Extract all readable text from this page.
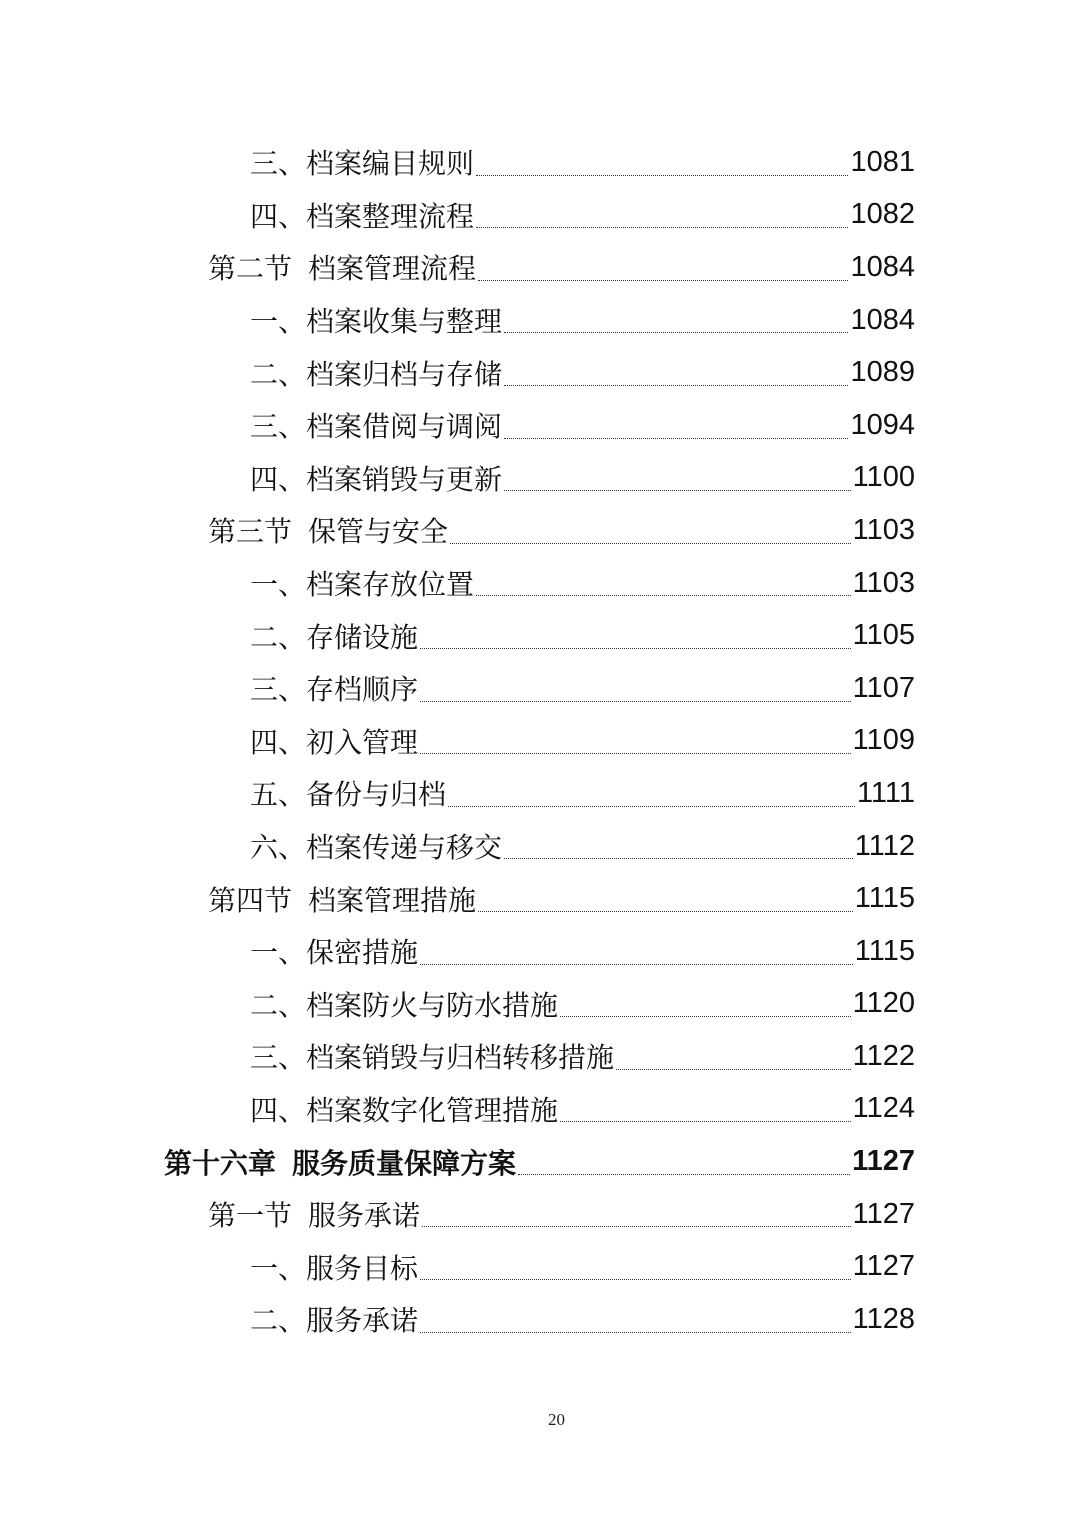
三、档案编目规则	1081
四、档案整理流程	1082
第二节 档案管理流程	1084
一、档案收集与整理	1084
二、档案归档与存储	1089
三、档案借阅与调阅	1094
四、档案销毁与更新	1100
第三节 保管与安全	1103
一、档案存放位置	1103
二、存储设施	1105
三、存档顺序	1107
四、初入管理	1109
五、备份与归档	1111
六、档案传递与移交	1112
第四节 档案管理措施	1115
一、保密措施	1115
二、档案防火与防水措施	1120
三、档案销毁与归档转移措施	1122
四、档案数字化管理措施	1124
第十六章 服务质量保障方案	1127
第一节 服务承诺	1127
一、服务目标	1127
二、服务承诺	1128
20
